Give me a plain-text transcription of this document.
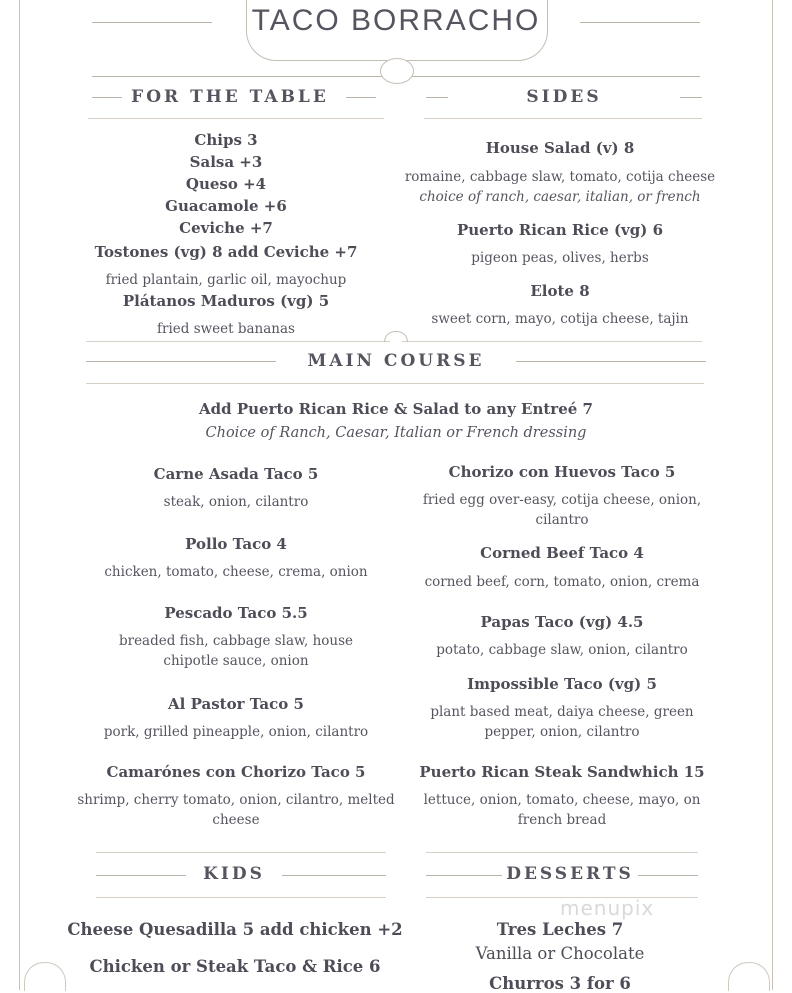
TACO BORRACHO
FOR THE TABLE
Chips 3
Salsa +3
Queso +4
Guacamole +6
Ceviche +7
Tostones (vg) 8 add Ceviche +7
fried plantain, garlic oil, mayochup
Plátanos Maduros (vg) 5
fried sweet bananas
SIDES
House Salad (v) 8
romaine, cabbage slaw, tomato, cotija cheese
choice of ranch, caesar, italian, or french
Puerto Rican Rice (vg) 6
pigeon peas, olives, herbs
Elote 8
sweet corn, mayo, cotija cheese, tajin
MAIN COURSE
Add Puerto Rican Rice & Salad to any Entreé 7
Choice of Ranch, Caesar, Italian or French dressing
Carne Asada Taco 5
steak, onion, cilantro
Pollo Taco 4
chicken, tomato, cheese, crema, onion
Pescado Taco 5.5
breaded fish, cabbage slaw, house
chipotle sauce, onion
Al Pastor Taco 5
pork, grilled pineapple, onion, cilantro
Camarónes con Chorizo Taco 5
shrimp, cherry tomato, onion, cilantro, melted
cheese
Chorizo con Huevos Taco 5
fried egg over-easy, cotija cheese, onion,
cilantro
Corned Beef Taco 4
corned beef, corn, tomato, onion, crema
Papas Taco (vg) 4.5
potato, cabbage slaw, onion, cilantro
Impossible Taco (vg) 5
plant based meat, daiya cheese, green
pepper, onion, cilantro
Puerto Rican Steak Sandwhich 15
lettuce, onion, tomato, cheese, mayo, on
french bread
KIDS
Cheese Quesadilla 5 add chicken +2
Chicken or Steak Taco & Rice 6
DESSERTS
Tres Leches 7
Vanilla or Chocolate
Churros 3 for 6
menupix
